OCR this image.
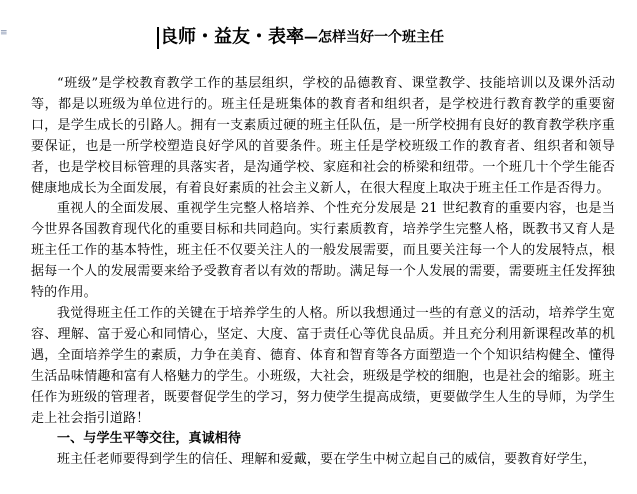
≡	良师・益友・表率—怎样当好一个班主任

“班级”是学校教育教学工作的基层组织，学校的品德教育、课堂教学、技能培训以及课外活动等，都是以班级为单位进行的。班主任是班集体的教育者和组织者，是学校进行教育教学的重要窗口，是学生成长的引路人。拥有一支素质过硬的班主任队伍，是一所学校拥有良好的教育教学秩序重要保证，也是一所学校塑造良好学风的首要条件。班主任是学校班级工作的教育者、组织者和领导者，也是学校目标管理的具落实者，是沟通学校、家庭和社会的桥梁和纽带。一个班几十个学生能否健康地成长为全面发展，有着良好素质的社会主义新人，在很大程度上取决于班主任工作是否得力。

重视人的全面发展、重视学生完整人格培养、个性充分发展是 21 世纪教育的重要内容，也是当今世界各国教育现代化的重要目标和共同趋向。实行素质教育，培养学生完整人格，既教书又育人是班主任工作的基本特性，班主任不仅要关注人的一般发展需要，而且要关注每一个人的发展特点，根据每一个人的发展需要来给予受教育者以有效的帮助。满足每一个人发展的需要，需要班主任发挥独特的作用。

我觉得班主任工作的关键在于培养学生的人格。所以我想通过一些的有意义的活动，培养学生宽容、理解、富于爱心和同情心，坚定、大度、富于责任心等优良品质。并且充分利用新课程改革的机遇，全面培养学生的素质，力争在美育、德育、体育和智育等各方面塑造一个个知识结构健全、懂得生活品味情趣和富有人格魅力的学生。小班级，大社会，班级是学校的细胞，也是社会的缩影。班主任作为班级的管理者，既要督促学生的学习，努力使学生提高成绩，更要做学生人生的导师，为学生走上社会指引道路！

一、与学生平等交往，真诚相待

班主任老师要得到学生的信任、理解和爱戴，要在学生中树立起自己的威信，要教育好学生，
